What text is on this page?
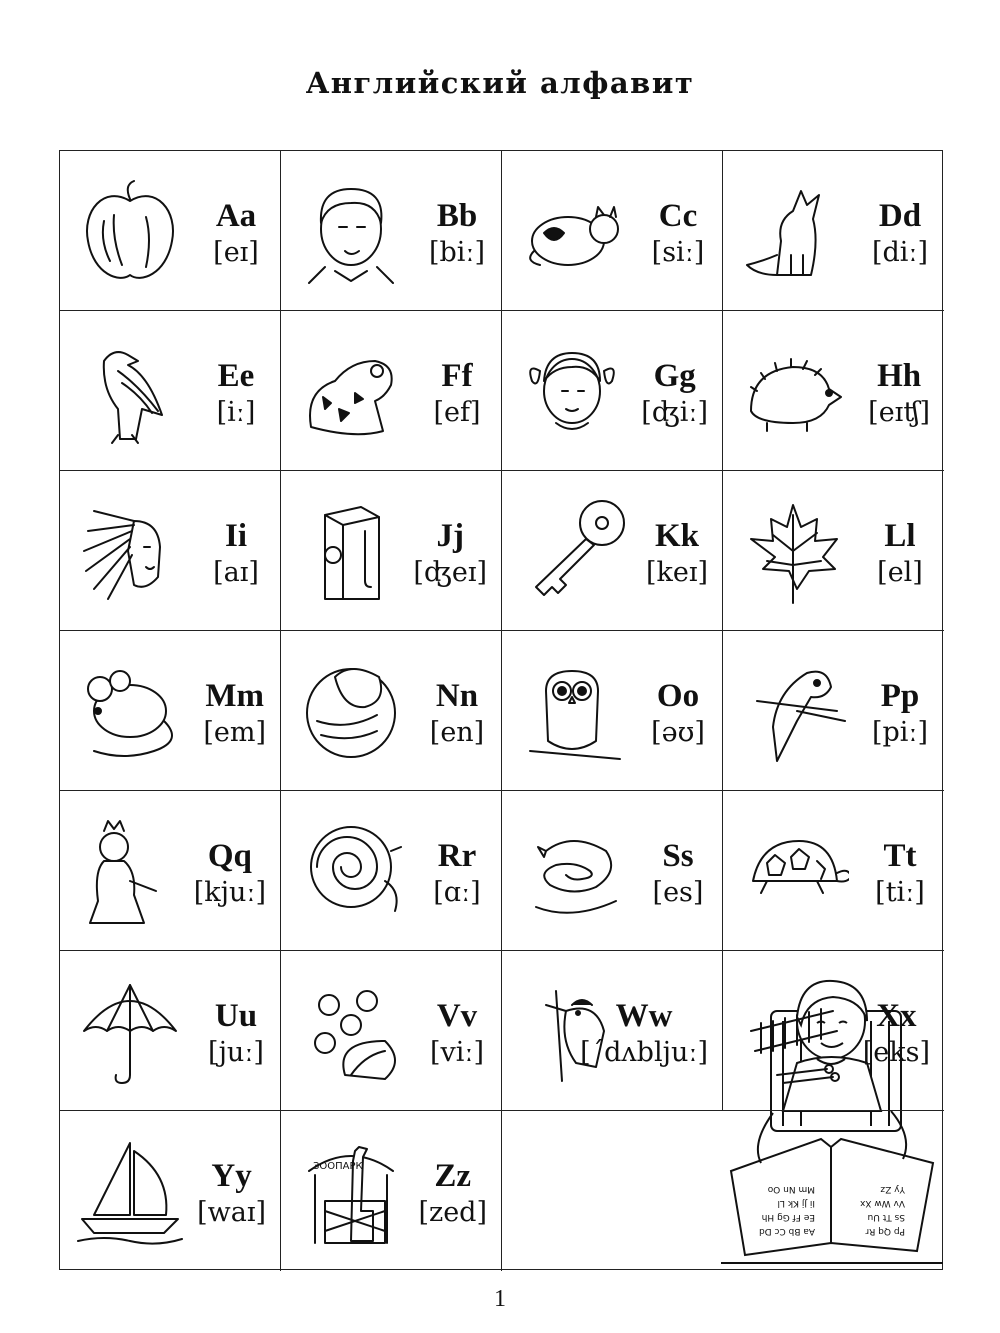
Английский алфавит
Aa Bb Cc Dd
Ee Ff Gg Hh
Ii Jj Kk Ll
Mm Nn Oo
Pp Qq Rr
Ss Tt Uu
Vv Ww Xx
Yy Zz
Aa
[eɪ]
Bb
[biː]
Cc
[siː]
Dd
[diː]
Ee
[iː]
Ff
[ef]
Gg
[ʤiː]
Hh
[eɪʧ]
Ii
[aɪ]
Jj
[ʤeɪ]
Kk
[keɪ]
Ll
[el]
Mm
[em]
Nn
[en]
Oo
[əʊ]
Pp
[piː]
Qq
[kjuː]
Rr
[ɑː]
Ss
[es]
Tt
[tiː]
Uu
[juː]
Vv
[viː]
Ww
[ˊdʌbljuː]
Xx
[eks]
Yy
[waɪ]
ЗООПАРК	Zz
[zed]
1
